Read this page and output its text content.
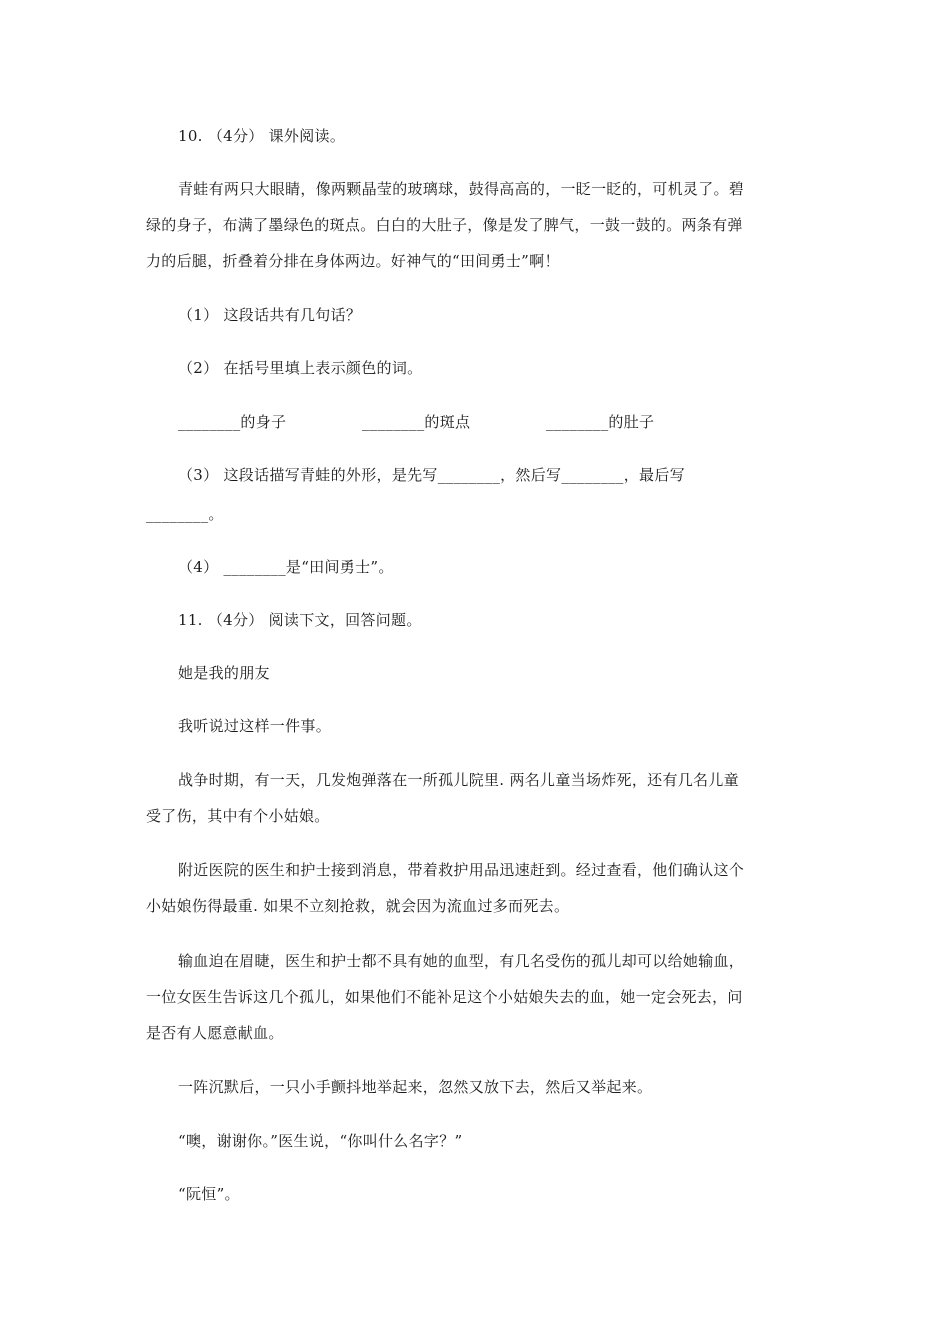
10. （4分） 课外阅读。
青蛙有两只大眼睛，像两颗晶莹的玻璃球，鼓得高高的，一眨一眨的，可机灵了。碧
绿的身子，布满了墨绿色的斑点。白白的大肚子，像是发了脾气，一鼓一鼓的。两条有弹
力的后腿，折叠着分排在身体两边。好神气的“田间勇士”啊！
（1） 这段话共有几句话？
（2） 在括号里填上表示颜色的词。
________的身子	________的斑点	________的肚子
（3） 这段话描写青蛙的外形，是先写________，然后写________，最后写
________。
（4） ________是“田间勇士”。
11. （4分） 阅读下文，回答问题。
她是我的朋友
我听说过这样一件事。
战争时期，有一天，几发炮弹落在一所孤儿院里. 两名儿童当场炸死，还有几名儿童
受了伤，其中有个小姑娘。
附近医院的医生和护士接到消息，带着救护用品迅速赶到。经过查看，他们确认这个
小姑娘伤得最重. 如果不立刻抢救，就会因为流血过多而死去。
输血迫在眉睫，医生和护士都不具有她的血型，有几名受伤的孤儿却可以给她输血，
一位女医生告诉这几个孤儿，如果他们不能补足这个小姑娘失去的血，她一定会死去，问
是否有人愿意献血。
一阵沉默后，一只小手颤抖地举起来，忽然又放下去，然后又举起来。
“噢，谢谢你。”医生说，“你叫什么名字？”
“阮恒”。
